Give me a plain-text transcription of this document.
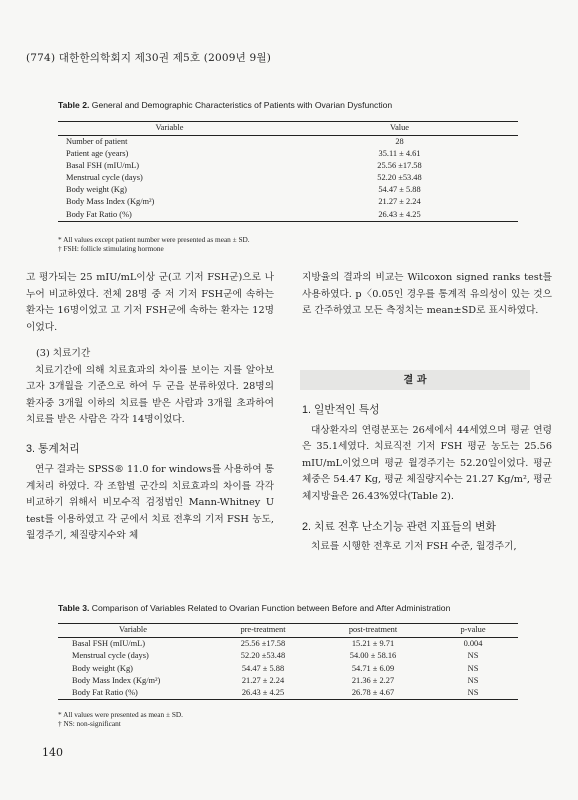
(774) 대한한의학회지 제30권 제5호 (2009년 9월)
Table 2. General and Demographic Characteristics of Patients with Ovarian Dysfunction
Variable	Value
Number of patient	28
Patient age (years)	35.11 ± 4.61
Basal FSH (mIU/mL)	25.56 ±17.58
Menstrual cycle (days)	52.20 ±53.48
Body weight (Kg)	54.47 ± 5.88
Body Mass Index (Kg/m²)	21.27 ± 2.24
Body Fat Ratio (%)	26.43 ± 4.25
* All values except patient number were presented as mean ± SD.
† FSH: follicle stimulating hormone

고 평가되는 25 mIU/mL이상 군(고 기저 FSH군)으로 나누어 비교하였다. 전체 28명 중 저 기저 FSH군에 속하는 환자는 16명이었고 고 기저 FSH군에 속하는 환자는 12명이었다.

(3) 치료기간

치료기간에 의해 치료효과의 차이를 보이는 지를 알아보고자 3개월을 기준으로 하여 두 군을 분류하였다. 28명의 환자중 3개월 이하의 치료를 받은 사람과 3개월 초과하여 치료를 받은 사람은 각각 14명이었다.

3. 통계처리

연구 결과는 SPSS® 11.0 for windows를 사용하여 통계처리 하였다. 각 조합별 군간의 치료효과의 차이를 각각 비교하기 위해서 비모수적 검정법인 Mann-Whitney U test를 이용하였고 각 군에서 치료 전후의 기저 FSH 농도, 월경주기, 체질량지수와 체

지방율의 결과의 비교는 Wilcoxon signed ranks test를 사용하였다. p〈0.05인 경우를 통계적 유의성이 있는 것으로 간주하였고 모든 측정치는 mean±SD로 표시하였다.

결 과
1. 일반적인 특성

대상환자의 연령분포는 26세에서 44세였으며 평균 연령은 35.1세였다. 치료직전 기저 FSH 평균 농도는 25.56 mIU/mL이었으며 평균 월경주기는 52.20일이었다. 평균 체중은 54.47 Kg, 평균 체질량지수는 21.27 Kg/m², 평균 체지방율은 26.43%였다(Table 2).

2. 치료 전후 난소기능 관련 지표들의 변화

치료를 시행한 전후로 기저 FSH 수준, 월경주기,

Table 3. Comparison of Variables Related to Ovarian Function between Before and After Administration
Variable	pre-treatment	post-treatment	p-value
Basal FSH (mIU/mL)	25.56 ±17.58	15.21 ± 9.71	0.004
Menstrual cycle (days)	52.20 ±53.48	54.00 ± 58.16	NS
Body weight (Kg)	54.47 ± 5.88	54.71 ± 6.09	NS
Body Mass Index (Kg/m²)	21.27 ± 2.24	21.36 ± 2.27	NS
Body Fat Ratio (%)	26.43 ± 4.25	26.78 ± 4.67	NS
* All values were presented as mean ± SD.
† NS: non-significant
140
